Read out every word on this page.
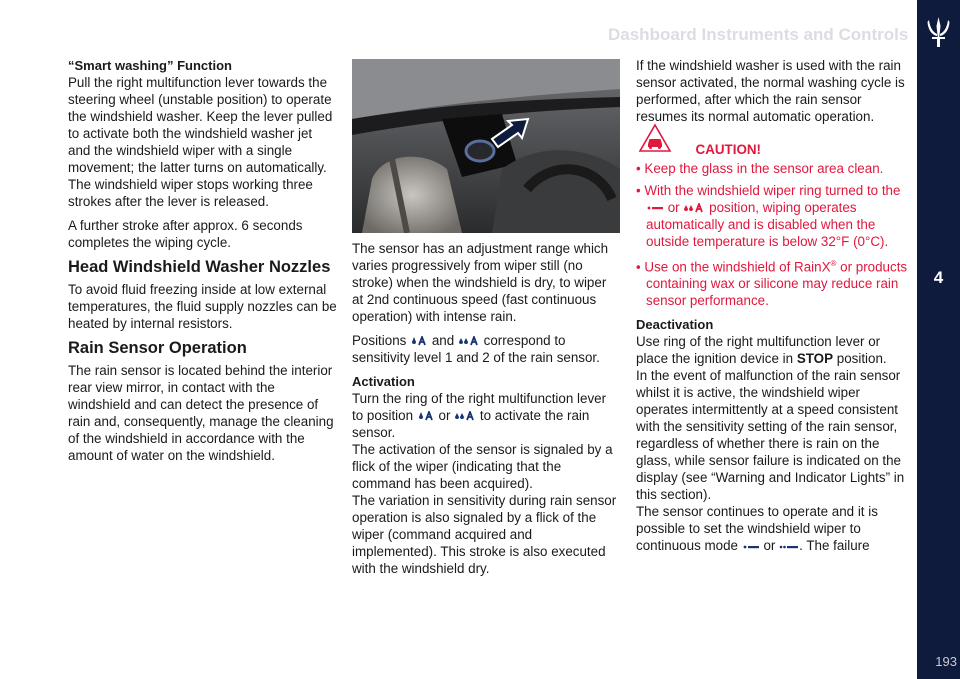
Dashboard Instruments and Controls
4
193

“Smart washing” Function

Pull the right multifunction lever towards the steering wheel (unstable position) to operate the windshield washer. Keep the lever pulled to activate both the windshield washer jet and the windshield wiper with a single movement; the latter turns on automatically.

The windshield wiper stops working three strokes after the lever is released.

A further stroke after approx. 6 seconds completes the wiping cycle.

Head Windshield Washer Nozzles

To avoid fluid freezing inside at low external temperatures, the fluid supply nozzles can be heated by internal resistors.

Rain Sensor Operation

The rain sensor is located behind the interior rear view mirror, in contact with the windshield and can detect the presence of rain and, consequently, manage the cleaning of the windshield in accordance with the amount of water on the windshield.

The sensor has an adjustment range which varies progressively from wiper still (no stroke) when the windshield is dry, to wiper at 2nd continuous speed (fast continuous operation) with intense rain.

Positions and correspond to sensitivity level 1 and 2 of the rain sensor.

Activation

Turn the ring of the right multifunction lever to position or to activate the rain sensor.

The activation of the sensor is signaled by a flick of the wiper (indicating that the command has been acquired).

The variation in sensitivity during rain sensor operation is also signaled by a flick of the wiper (command acquired and implemented). This stroke is also executed with the windshield dry.

If the windshield washer is used with the rain sensor activated, the normal washing cycle is performed, after which the rain sensor resumes its normal automatic operation.

CAUTION!

• Keep the glass in the sensor area clean.
• With the windshield wiper ring turned to the  or position, wiping operates automatically and is disabled when the outside temperature is below 32°F (0°C).
• Use on the windshield of RainX® or products containing wax or silicone may reduce rain sensor performance.

Deactivation

Use ring of the right multifunction lever or place the ignition device in STOP position.

In the event of malfunction of the rain sensor whilst it is active, the windshield wiper operates intermittently at a speed consistent with the sensitivity setting of the rain sensor, regardless of whether there is rain on the glass, while sensor failure is indicated on the display (see “Warning and Indicator Lights” in this section).

The sensor continues to operate and it is possible to set the windshield wiper to continuous mode or . The failure
